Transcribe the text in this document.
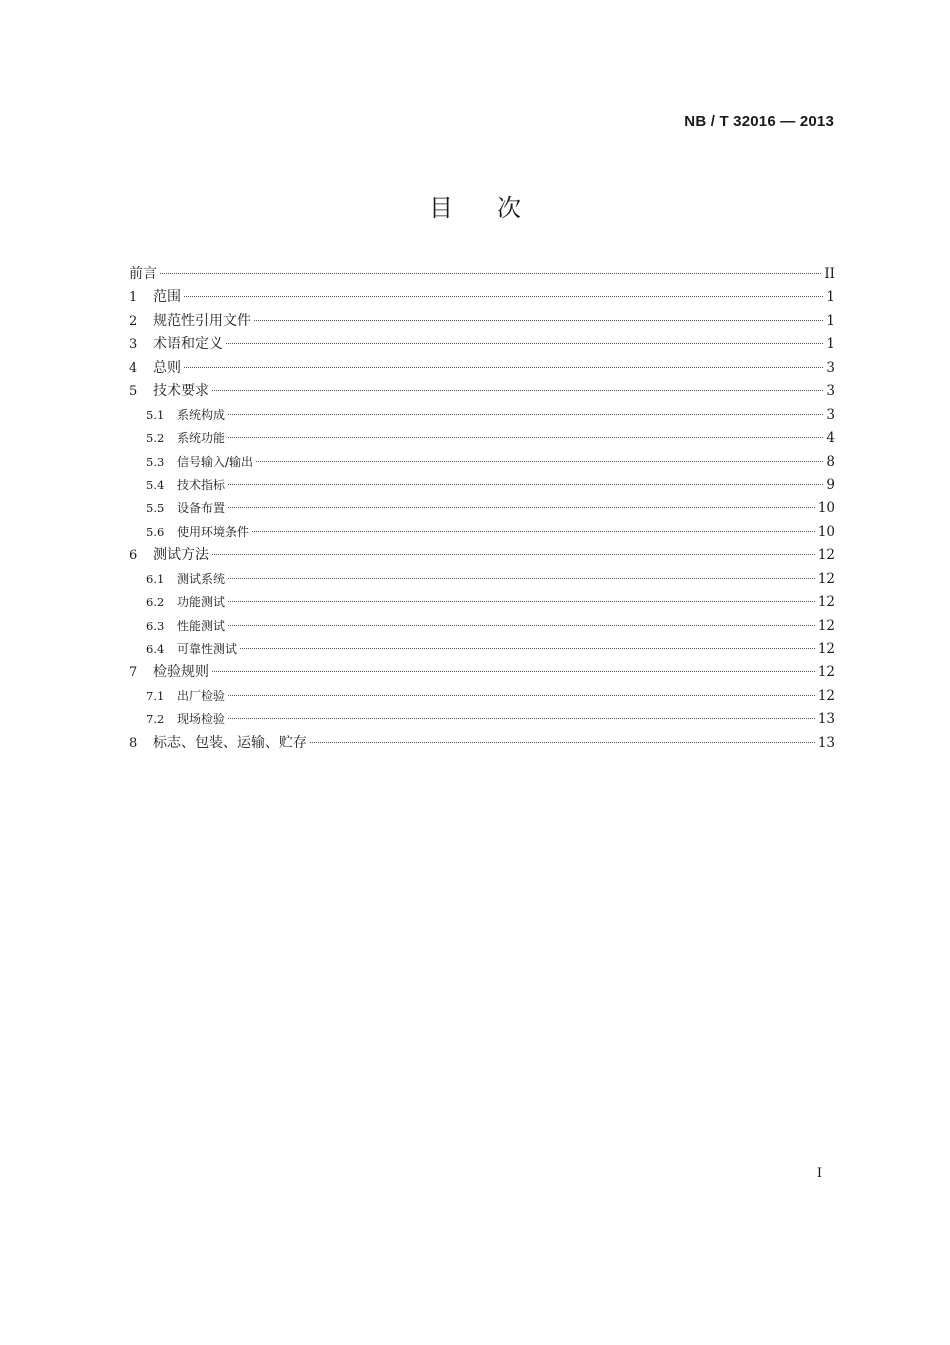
NB / T 32016 — 2013
目次
前言	II
1	范围	1
2	规范性引用文件	1
3	术语和定义	1
4	总则	3
5	技术要求	3
5.1	系统构成	3
5.2	系统功能	4
5.3	信号输入/输出	8
5.4	技术指标	9
5.5	设备布置	10
5.6	使用环境条件	10
6	测试方法	12
6.1	测试系统	12
6.2	功能测试	12
6.3	性能测试	12
6.4	可靠性测试	12
7	检验规则	12
7.1	出厂检验	12
7.2	现场检验	13
8	标志、包装、运输、贮存	13
I
